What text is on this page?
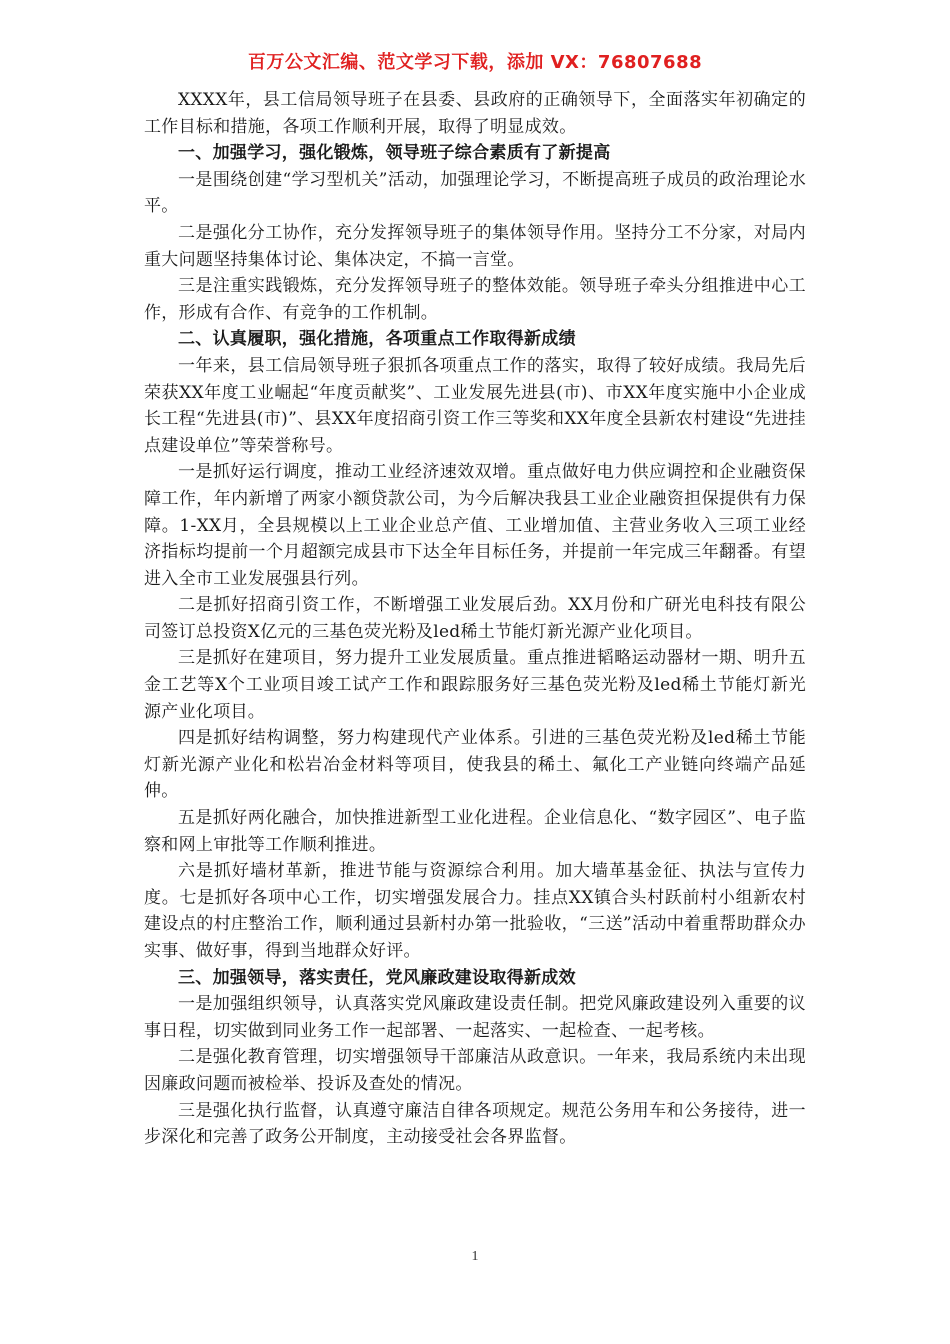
百万公文汇编、范文学习下载，添加 VX：76807688

XXXX年，县工信局领导班子在县委、县政府的正确领导下，全面落实年初确定的工作目标和措施，各项工作顺利开展，取得了明显成效。

一、加强学习，强化锻炼，领导班子综合素质有了新提高

一是围绕创建“学习型机关”活动，加强理论学习，不断提高班子成员的政治理论水平。

二是强化分工协作，充分发挥领导班子的集体领导作用。坚持分工不分家，对局内重大问题坚持集体讨论、集体决定，不搞一言堂。

三是注重实践锻炼，充分发挥领导班子的整体效能。领导班子牵头分组推进中心工作，形成有合作、有竞争的工作机制。

二、认真履职，强化措施，各项重点工作取得新成绩

一年来，县工信局领导班子狠抓各项重点工作的落实，取得了较好成绩。我局先后荣获XX年度工业崛起“年度贡献奖”、工业发展先进县(市)、市XX年度实施中小企业成长工程“先进县(市)”、县XX年度招商引资工作三等奖和XX年度全县新农村建设“先进挂点建设单位”等荣誉称号。

一是抓好运行调度，推动工业经济速效双增。重点做好电力供应调控和企业融资保障工作，年内新增了两家小额贷款公司，为今后解决我县工业企业融资担保提供有力保障。1-XX月，全县规模以上工业企业总产值、工业增加值、主营业务收入三项工业经济指标均提前一个月超额完成县市下达全年目标任务，并提前一年完成三年翻番。有望进入全市工业发展强县行列。

二是抓好招商引资工作，不断增强工业发展后劲。XX月份和广研光电科技有限公司签订总投资X亿元的三基色荧光粉及led稀土节能灯新光源产业化项目。

三是抓好在建项目，努力提升工业发展质量。重点推进韬略运动器材一期、明升五金工艺等X个工业项目竣工试产工作和跟踪服务好三基色荧光粉及led稀土节能灯新光源产业化项目。

四是抓好结构调整，努力构建现代产业体系。引进的三基色荧光粉及led稀土节能灯新光源产业化和松岩冶金材料等项目，使我县的稀土、氟化工产业链向终端产品延伸。

五是抓好两化融合，加快推进新型工业化进程。企业信息化、“数字园区”、电子监察和网上审批等工作顺利推进。

六是抓好墙材革新，推进节能与资源综合利用。加大墙革基金征、执法与宣传力度。七是抓好各项中心工作，切实增强发展合力。挂点XX镇合头村跃前村小组新农村建设点的村庄整治工作，顺利通过县新村办第一批验收，“三送”活动中着重帮助群众办实事、做好事，得到当地群众好评。

三、加强领导，落实责任，党风廉政建设取得新成效

一是加强组织领导，认真落实党风廉政建设责任制。把党风廉政建设列入重要的议事日程，切实做到同业务工作一起部署、一起落实、一起检查、一起考核。

二是强化教育管理，切实增强领导干部廉洁从政意识。一年来，我局系统内未出现因廉政问题而被检举、投诉及查处的情况。

三是强化执行监督，认真遵守廉洁自律各项规定。规范公务用车和公务接待，进一步深化和完善了政务公开制度，主动接受社会各界监督。

1
